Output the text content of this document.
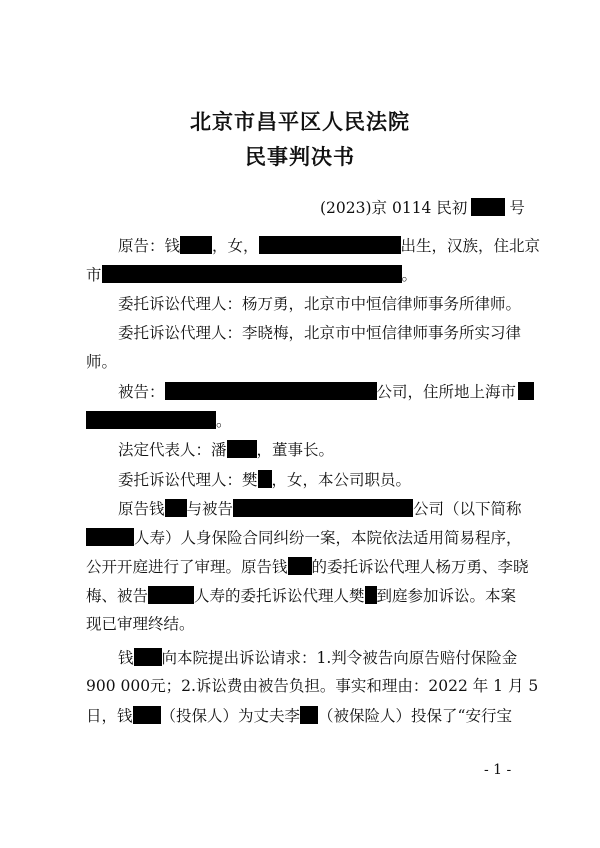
北京市昌平区人民法院
民事判决书
(2023)京 0114 民初	号
原告：钱 ，女，	出生，汉族，住北京
市	。
委托诉讼代理人：杨万勇，北京市中恒信律师事务所律师。
委托诉讼代理人：李晓梅，北京市中恒信律师事务所实习律
师。
被告：	公司，住所地上海市
。
法定代表人：潘 ，董事长。
委托诉讼代理人：樊 ，女，本公司职员。
原告钱 与被告	公司（以下简称
人寿）人身保险合同纠纷一案，本院依法适用简易程序，
公开开庭进行了审理。原告钱 的委托诉讼代理人杨万勇、李晓
梅、被告	人寿的委托诉讼代理人樊 到庭参加诉讼。本案
现已审理终结。
钱 向本院提出诉讼请求：1.判令被告向原告赔付保险金
900 000元；2.诉讼费由被告负担。事实和理由：2022 年 1 月 5
日，钱 （投保人）为丈夫李 （被保险人）投保了“安行宝
- 1 -
